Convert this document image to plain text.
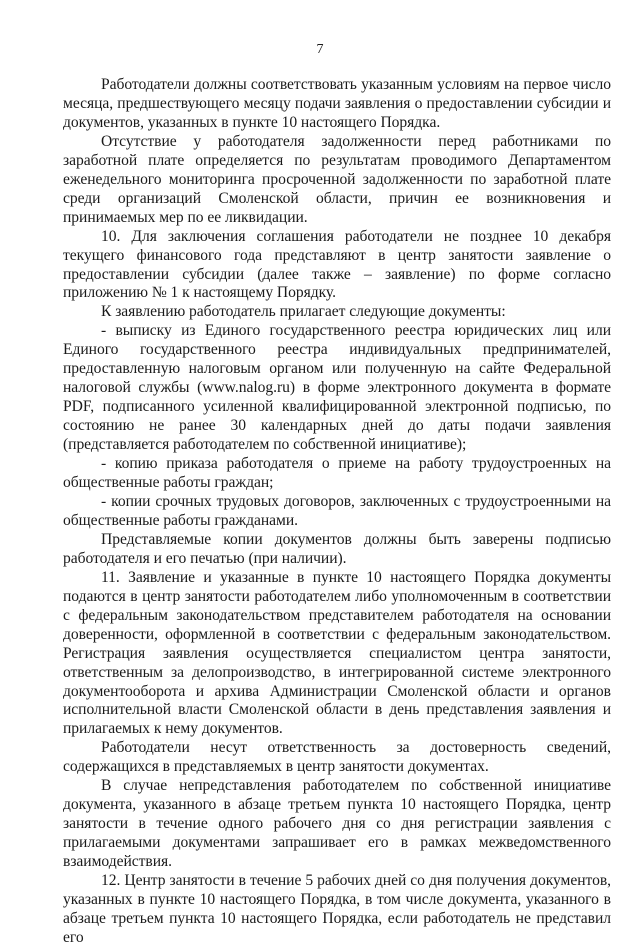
7

Работодатели должны соответствовать указанным условиям на первое число месяца, предшествующего месяцу подачи заявления о предоставлении субсидии и документов, указанных в пункте 10 настоящего Порядка.

Отсутствие у работодателя задолженности перед работниками по заработной плате определяется по результатам проводимого Департаментом еженедельного мониторинга просроченной задолженности по заработной плате среди организаций Смоленской области, причин ее возникновения и принимаемых мер по ее ликвидации.

10. Для заключения соглашения работодатели не позднее 10 декабря текущего финансового года представляют в центр занятости заявление о предоставлении субсидии (далее также – заявление) по форме согласно приложению № 1 к настоящему Порядку.

К заявлению работодатель прилагает следующие документы:

- выписку из Единого государственного реестра юридических лиц или Единого государственного реестра индивидуальных предпринимателей, предоставленную налоговым органом или полученную на сайте Федеральной налоговой службы (www.nalog.ru) в форме электронного документа в формате PDF, подписанного усиленной квалифицированной электронной подписью, по состоянию не ранее 30 календарных дней до даты подачи заявления (представляется работодателем по собственной инициативе);

- копию приказа работодателя о приеме на работу трудоустроенных на общественные работы граждан;

- копии срочных трудовых договоров, заключенных с трудоустроенными на общественные работы гражданами.

Представляемые копии документов должны быть заверены подписью работодателя и его печатью (при наличии).

11. Заявление и указанные в пункте 10 настоящего Порядка документы подаются в центр занятости работодателем либо уполномоченным в соответствии с федеральным законодательством представителем работодателя на основании доверенности, оформленной в соответствии с федеральным законодательством. Регистрация заявления осуществляется специалистом центра занятости, ответственным за делопроизводство, в интегрированной системе электронного документооборота и архива Администрации Смоленской области и органов исполнительной власти Смоленской области в день представления заявления и прилагаемых к нему документов.

Работодатели несут ответственность за достоверность сведений, содержащихся в представляемых в центр занятости документах.

В случае непредставления работодателем по собственной инициативе документа, указанного в абзаце третьем пункта 10 настоящего Порядка, центр занятости в течение одного рабочего дня со дня регистрации заявления с прилагаемыми документами запрашивает его в рамках межведомственного взаимодействия.

12. Центр занятости в течение 5 рабочих дней со дня получения документов, указанных в пункте 10 настоящего Порядка, в том числе документа, указанного в абзаце третьем пункта 10 настоящего Порядка, если работодатель не представил его
